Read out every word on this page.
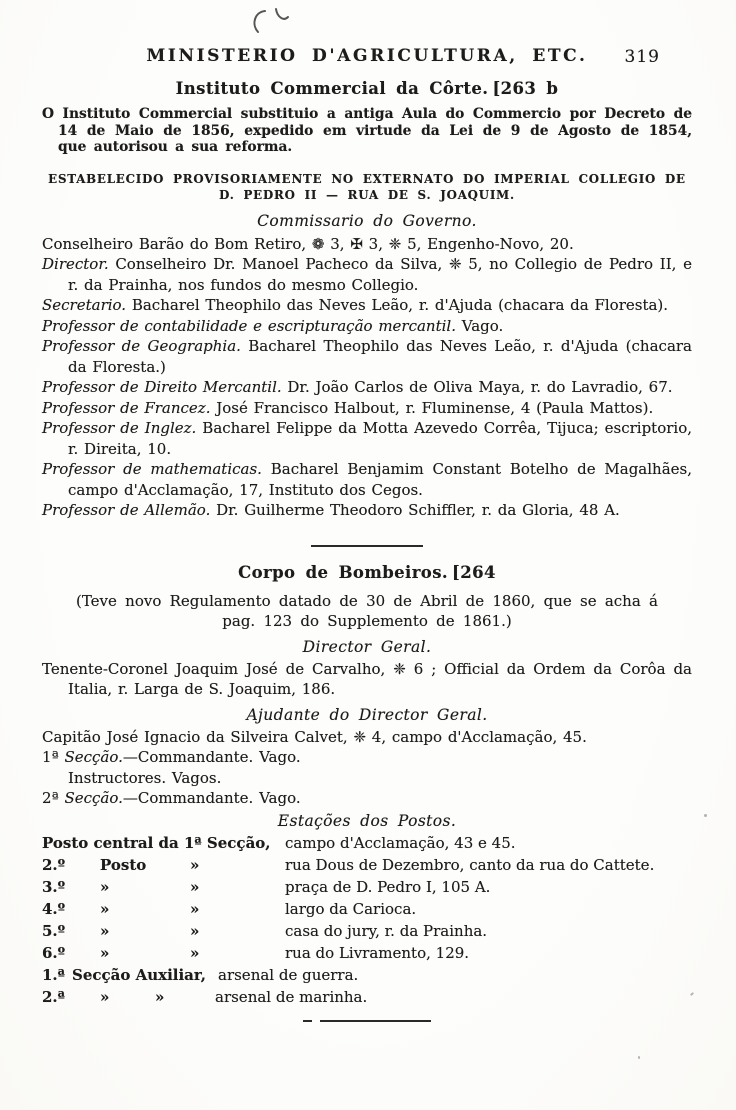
MINISTERIO D'AGRICULTURA, ETC. 319
Instituto Commercial da Côrte. [263 b

O Instituto Commercial substituio a antiga Aula do Commercio por Decreto de 14 de Maio de 1856, expedido em virtude da Lei de 9 de Agosto de 1854, que autorisou a sua reforma.

ESTABELECIDO PROVISORIAMENTE NO EXTERNATO DO IMPERIAL COLLEGIO DE
D. PEDRO II — RUA DE S. JOAQUIM.

Commissario do Governo.

Conselheiro Barão do Bom Retiro, ❁ 3, ✠ 3, ❈ 5, Engenho-Novo, 20.

Director. Conselheiro Dr. Manoel Pacheco da Silva, ❈ 5, no Collegio de Pedro II, e r. da Prainha, nos fundos do mesmo Collegio.

Secretario. Bacharel Theophilo das Neves Leão, r. d'Ajuda (chacara da Floresta).

Professor de contabilidade e escripturação mercantil. Vago.

Professor de Geographia. Bacharel Theophilo das Neves Leão, r. d'Ajuda (chacara da Floresta.)

Professor de Direito Mercantil. Dr. João Carlos de Oliva Maya, r. do Lavradio, 67.

Professor de Francez. José Francisco Halbout, r. Fluminense, 4 (Paula Mattos).

Professor de Inglez. Bacharel Felippe da Motta Azevedo Corrêa, Tijuca; escriptorio, r. Direita, 10.

Professor de mathematicas. Bacharel Benjamim Constant Botelho de Magalhães, campo d'Acclamação, 17, Instituto dos Cegos.

Professor de Allemão. Dr. Guilherme Theodoro Schiffler, r. da Gloria, 48 A.

Corpo de Bombeiros. [264

(Teve novo Regulamento datado de 30 de Abril de 1860, que se acha á
pag. 123 do Supplemento de 1861.)

Director Geral.

Tenente-Coronel Joaquim José de Carvalho, ❈ 6 ; Official da Ordem da Corôa da Italia, r. Larga de S. Joaquim, 186.

Ajudante do Director Geral.

Capitão José Ignacio da Silveira Calvet, ❈ 4, campo d'Acclamação, 45.

1ª Secção.—Commandante. Vago.

Instructores. Vagos.

2ª Secção.—Commandante. Vago.

Estações dos Postos.
Posto central da 1ª Secção, campo d'Acclamação, 43 e 45.
2.º	Posto	»	rua Dous de Dezembro, canto da rua do Cattete.
3.º	»	»	praça de D. Pedro I, 105 A.
4.º	»	»	largo da Carioca.
5.º	»	»	casa do jury, r. da Prainha.
6.º	»	»	rua do Livramento, 129.
1.ª Secção Auxiliar, arsenal de guerra.
2.ª	»	»	arsenal de marinha.
